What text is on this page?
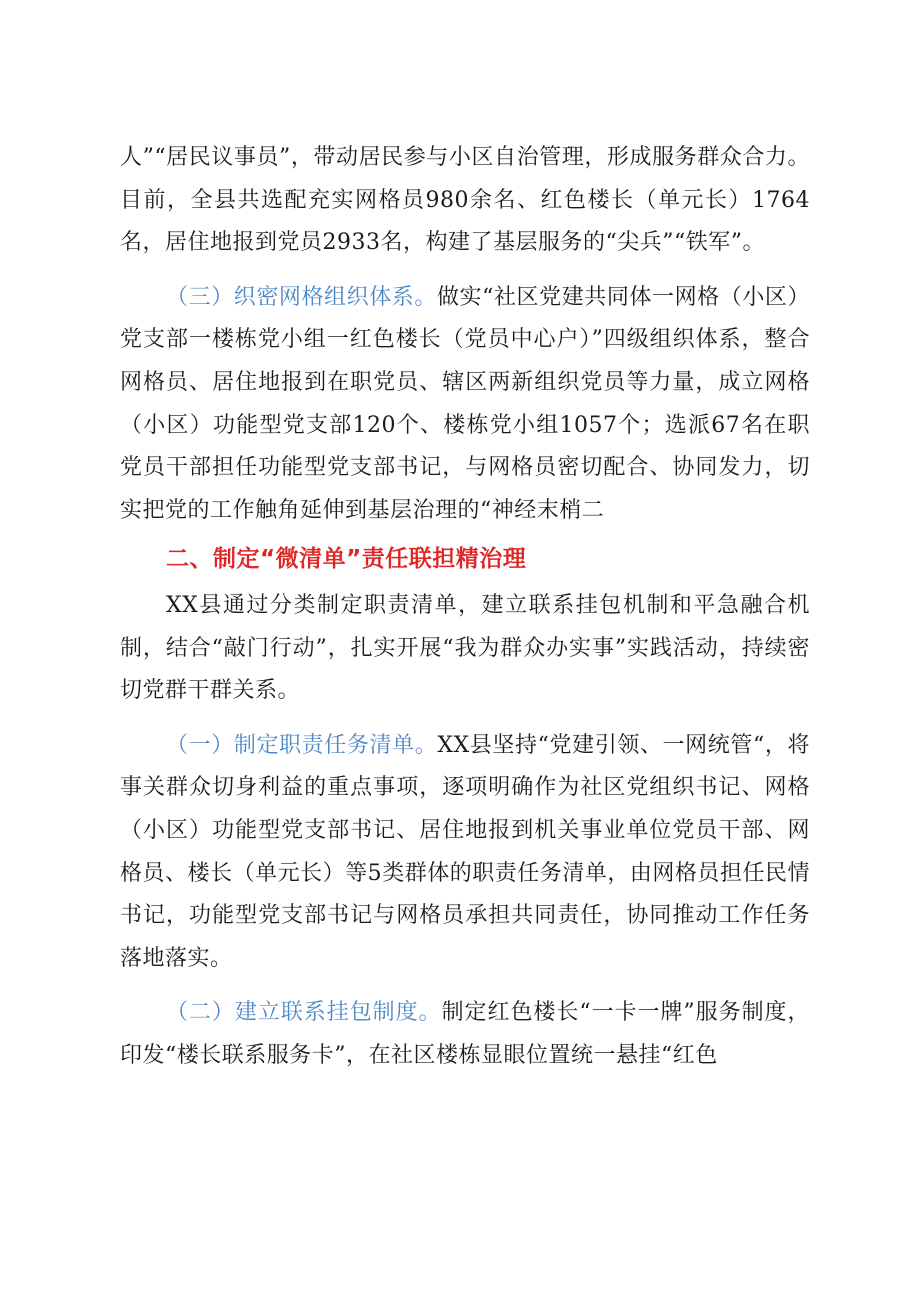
人”“居民议事员”，带动居民参与小区自治管理，形成服务群众合力。目前，全县共选配充实网格员980余名、红色楼长（单元长）1764名，居住地报到党员2933名，构建了基层服务的“尖兵”“铁军”。

（三）织密网格组织体系。做实“社区党建共同体一网格（小区）党支部一楼栋党小组一红色楼长（党员中心户）”四级组织体系，整合网格员、居住地报到在职党员、辖区两新组织党员等力量，成立网格（小区）功能型党支部120个、楼栋党小组1057个；选派67名在职党员干部担任功能型党支部书记，与网格员密切配合、协同发力，切实把党的工作触角延伸到基层治理的“神经末梢二

二、制定“微清单”责任联担精治理

XX县通过分类制定职责清单，建立联系挂包机制和平急融合机制，结合“敲门行动”，扎实开展“我为群众办实事”实践活动，持续密切党群干群关系。

（一）制定职责任务清单。XX县坚持“党建引领、一网统管“，将事关群众切身利益的重点事项，逐项明确作为社区党组织书记、网格（小区）功能型党支部书记、居住地报到机关事业单位党员干部、网格员、楼长（单元长）等5类群体的职责任务清单，由网格员担任民情书记，功能型党支部书记与网格员承担共同责任，协同推动工作任务落地落实。

（二）建立联系挂包制度。制定红色楼长“一卡一牌”服务制度，印发“楼长联系服务卡”，在社区楼栋显眼位置统一悬挂“红色
